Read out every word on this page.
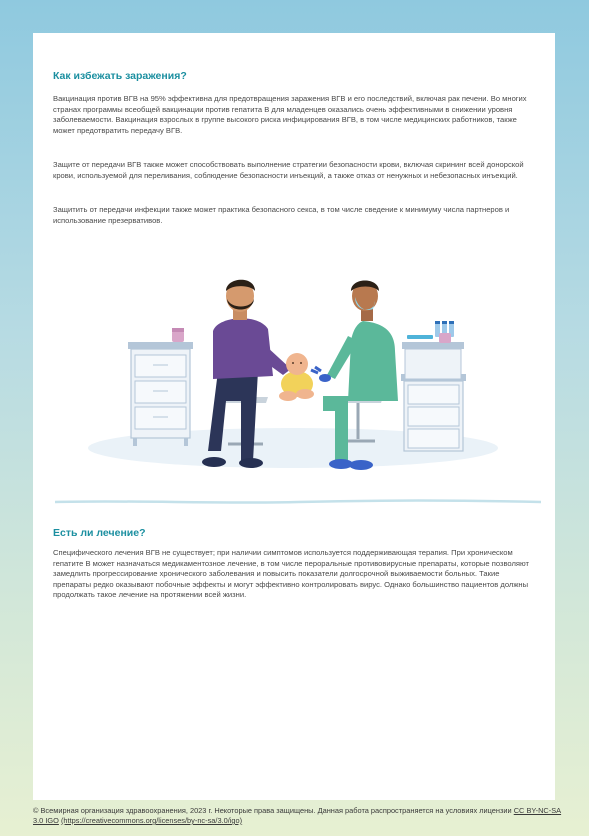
Как избежать заражения?

Вакцинация против ВГВ на 95% эффективна для предотвращения заражения ВГВ и его последствий, включая рак печени. Во многих странах программы всеобщей вакцинации против гепатита В для младенцев оказались очень эффективными в снижении уровня заболеваемости. Вакцинация взрослых в группе высокого риска инфицирования ВГВ, в том числе медицинских работников, также может предотвратить передачу ВГВ.

Защите от передачи ВГВ также может способствовать выполнение стратегии безопасности крови, включая скрининг всей донорской крови, используемой для переливания, соблюдение безопасности инъекций, а также отказ от ненужных и небезопасных инъекций.

Защитить от передачи инфекции также может практика безопасного секса, в том числе сведение к минимуму числа партнеров и использование презервативов.

Есть ли лечение?

Специфического лечения ВГВ не существует; при наличии симптомов используется поддерживающая терапия. При хроническом гепатите В может назначаться медикаментозное лечение, в том числе пероральные противовирусные препараты, которые позволяют замедлить прогрессирование хронического заболевания и повысить показатели долгосрочной выживаемости больных. Такие препараты редко оказывают побочные эффекты и могут эффективно контролировать вирус. Однако большинство пациентов должны продолжать такое лечение на протяжении всей жизни.

© Всемирная организация здравоохранения, 2023 г. Некоторые права защищены. Данная работа распространяется на условиях лицензии CC BY-NC-SA 3.0 IGO (https://creativecommons.org/licenses/by-nc-sa/3.0/igo)
